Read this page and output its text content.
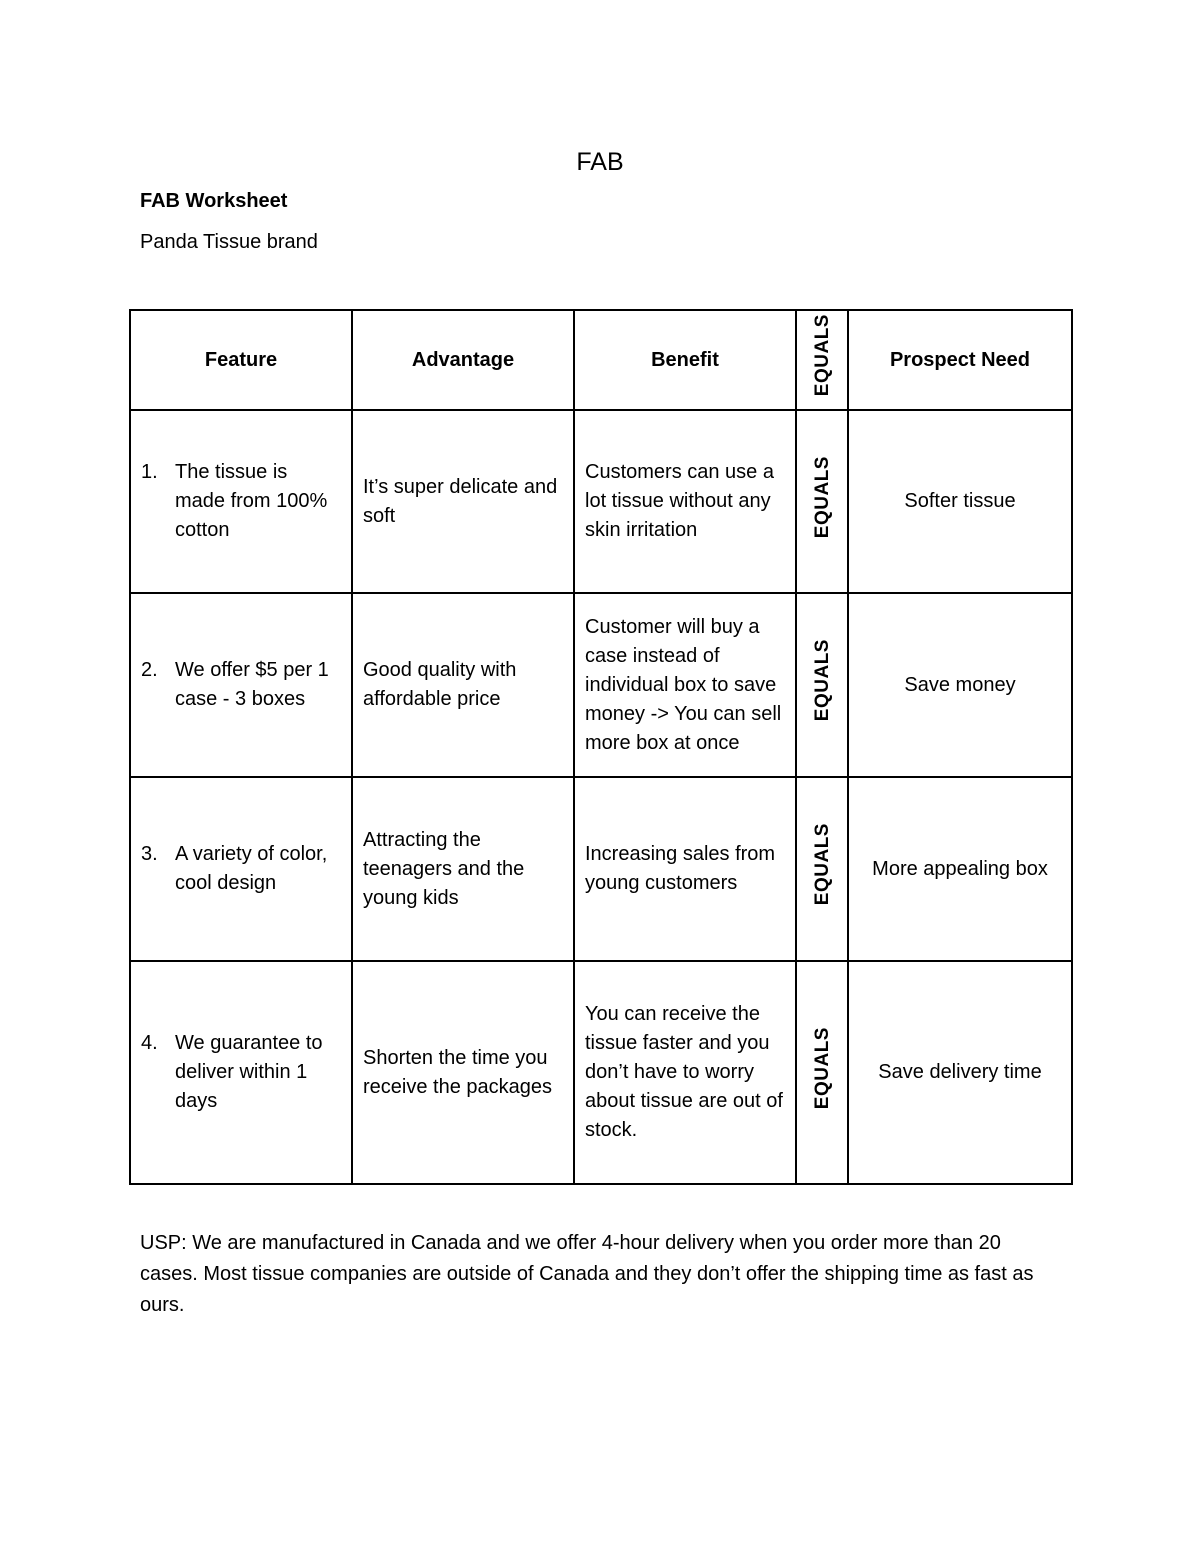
FAB
FAB Worksheet
Panda Tissue brand
Feature	Advantage	Benefit	EQUALS	Prospect Need

1. The tissue is made from 100% cotton	It’s super delicate and soft	Customers can use a lot tissue without any skin irritation	EQUALS	Softer tissue

2. We offer $5 per 1 case - 3 boxes	Good quality with affordable price	Customer will buy a case instead of individual box to save money -> You can sell more box at once	EQUALS	Save money

3. A variety of color, cool design	Attracting the teenagers and the young kids	Increasing sales from young customers	EQUALS	More appealing box

4. We guarantee to deliver within 1 days	Shorten the time you receive the packages	You can receive the tissue faster and you don’t have to worry about tissue are out of stock.	EQUALS	Save delivery time
USP: We are manufactured in Canada and we offer 4-hour delivery when you order more than 20 cases. Most tissue companies are outside of Canada and they don’t offer the shipping time as fast as ours.
